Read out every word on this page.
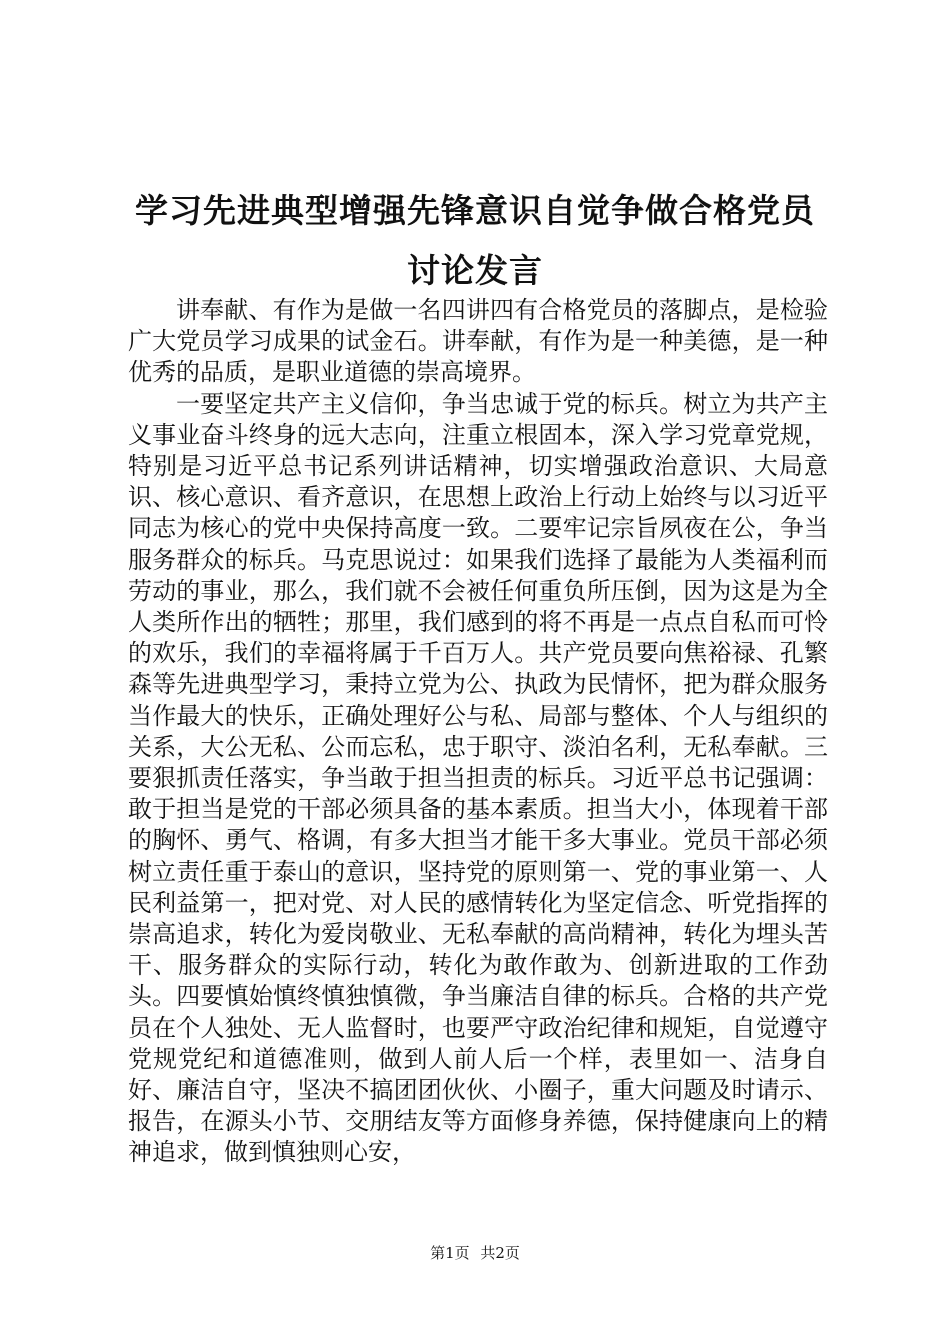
学习先进典型增强先锋意识自觉争做合格党员
讨论发言

讲奉献、有作为是做一名四讲四有合格党员的落脚点，是检验广大党员学习成果的试金石。讲奉献，有作为是一种美德，是一种优秀的品质，是职业道德的崇高境界。

一要坚定共产主义信仰，争当忠诚于党的标兵。树立为共产主义事业奋斗终身的远大志向，注重立根固本，深入学习党章党规，特别是习近平总书记系列讲话精神，切实增强政治意识、大局意识、核心意识、看齐意识，在思想上政治上行动上始终与以习近平同志为核心的党中央保持高度一致。二要牢记宗旨夙夜在公，争当服务群众的标兵。马克思说过：如果我们选择了最能为人类福利而劳动的事业，那么，我们就不会被任何重负所压倒，因为这是为全人类所作出的牺牲；那里，我们感到的将不再是一点点自私而可怜的欢乐，我们的幸福将属于千百万人。共产党员要向焦裕禄、孔繁森等先进典型学习，秉持立党为公、执政为民情怀，把为群众服务当作最大的快乐，正确处理好公与私、局部与整体、个人与组织的关系，大公无私、公而忘私，忠于职守、淡泊名利，无私奉献。三要狠抓责任落实，争当敢于担当担责的标兵。习近平总书记强调：敢于担当是党的干部必须具备的基本素质。担当大小，体现着干部的胸怀、勇气、格调，有多大担当才能干多大事业。党员干部必须树立责任重于泰山的意识，坚持党的原则第一、党的事业第一、人民利益第一，把对党、对人民的感情转化为坚定信念、听党指挥的崇高追求，转化为爱岗敬业、无私奉献的高尚精神，转化为埋头苦干、服务群众的实际行动，转化为敢作敢为、创新进取的工作劲头。四要慎始慎终慎独慎微，争当廉洁自律的标兵。合格的共产党员在个人独处、无人监督时，也要严守政治纪律和规矩，自觉遵守党规党纪和道德准则，做到人前人后一个样，表里如一、洁身自好、廉洁自守，坚决不搞团团伙伙、小圈子，重大问题及时请示、报告，在源头小节、交朋结友等方面修身养德，保持健康向上的精神追求，做到慎独则心安，

第1页 共2页
